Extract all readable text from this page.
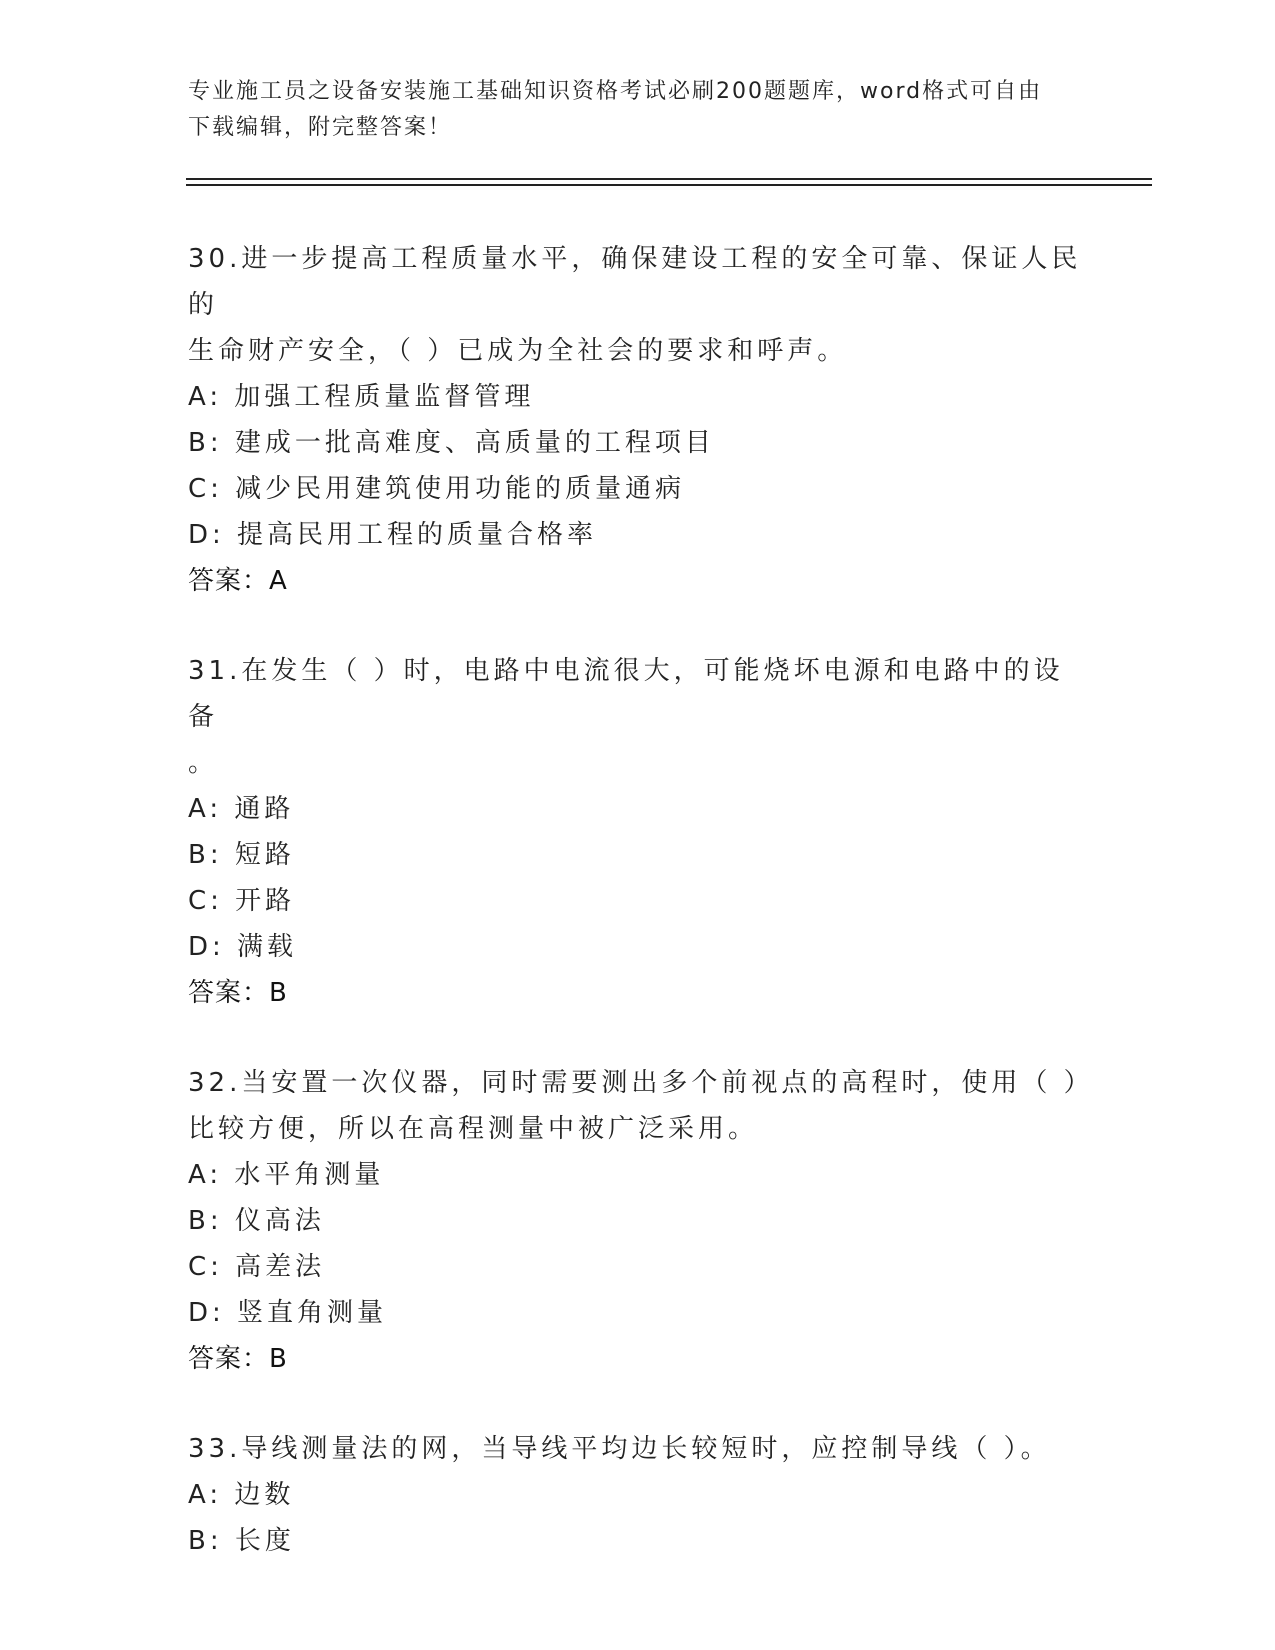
专业施工员之设备安装施工基础知识资格考试必刷200题题库，word格式可自由
下载编辑，附完整答案！
30.进一步提高工程质量水平，确保建设工程的安全可靠、保证人民的
生命财产安全，（ ）已成为全社会的要求和呼声。
A: 加强工程质量监督管理
B: 建成一批高难度、高质量的工程项目
C: 减少民用建筑使用功能的质量通病
D: 提高民用工程的质量合格率
答案：A
31.在发生（ ）时，电路中电流很大，可能烧坏电源和电路中的设备
。
A: 通路
B: 短路
C: 开路
D: 满载
答案：B
32.当安置一次仪器，同时需要测出多个前视点的高程时，使用（ ）
比较方便，所以在高程测量中被广泛采用。
A: 水平角测量
B: 仪高法
C: 高差法
D: 竖直角测量
答案：B
33.导线测量法的网，当导线平均边长较短时，应控制导线（ ）。
A: 边数
B: 长度
